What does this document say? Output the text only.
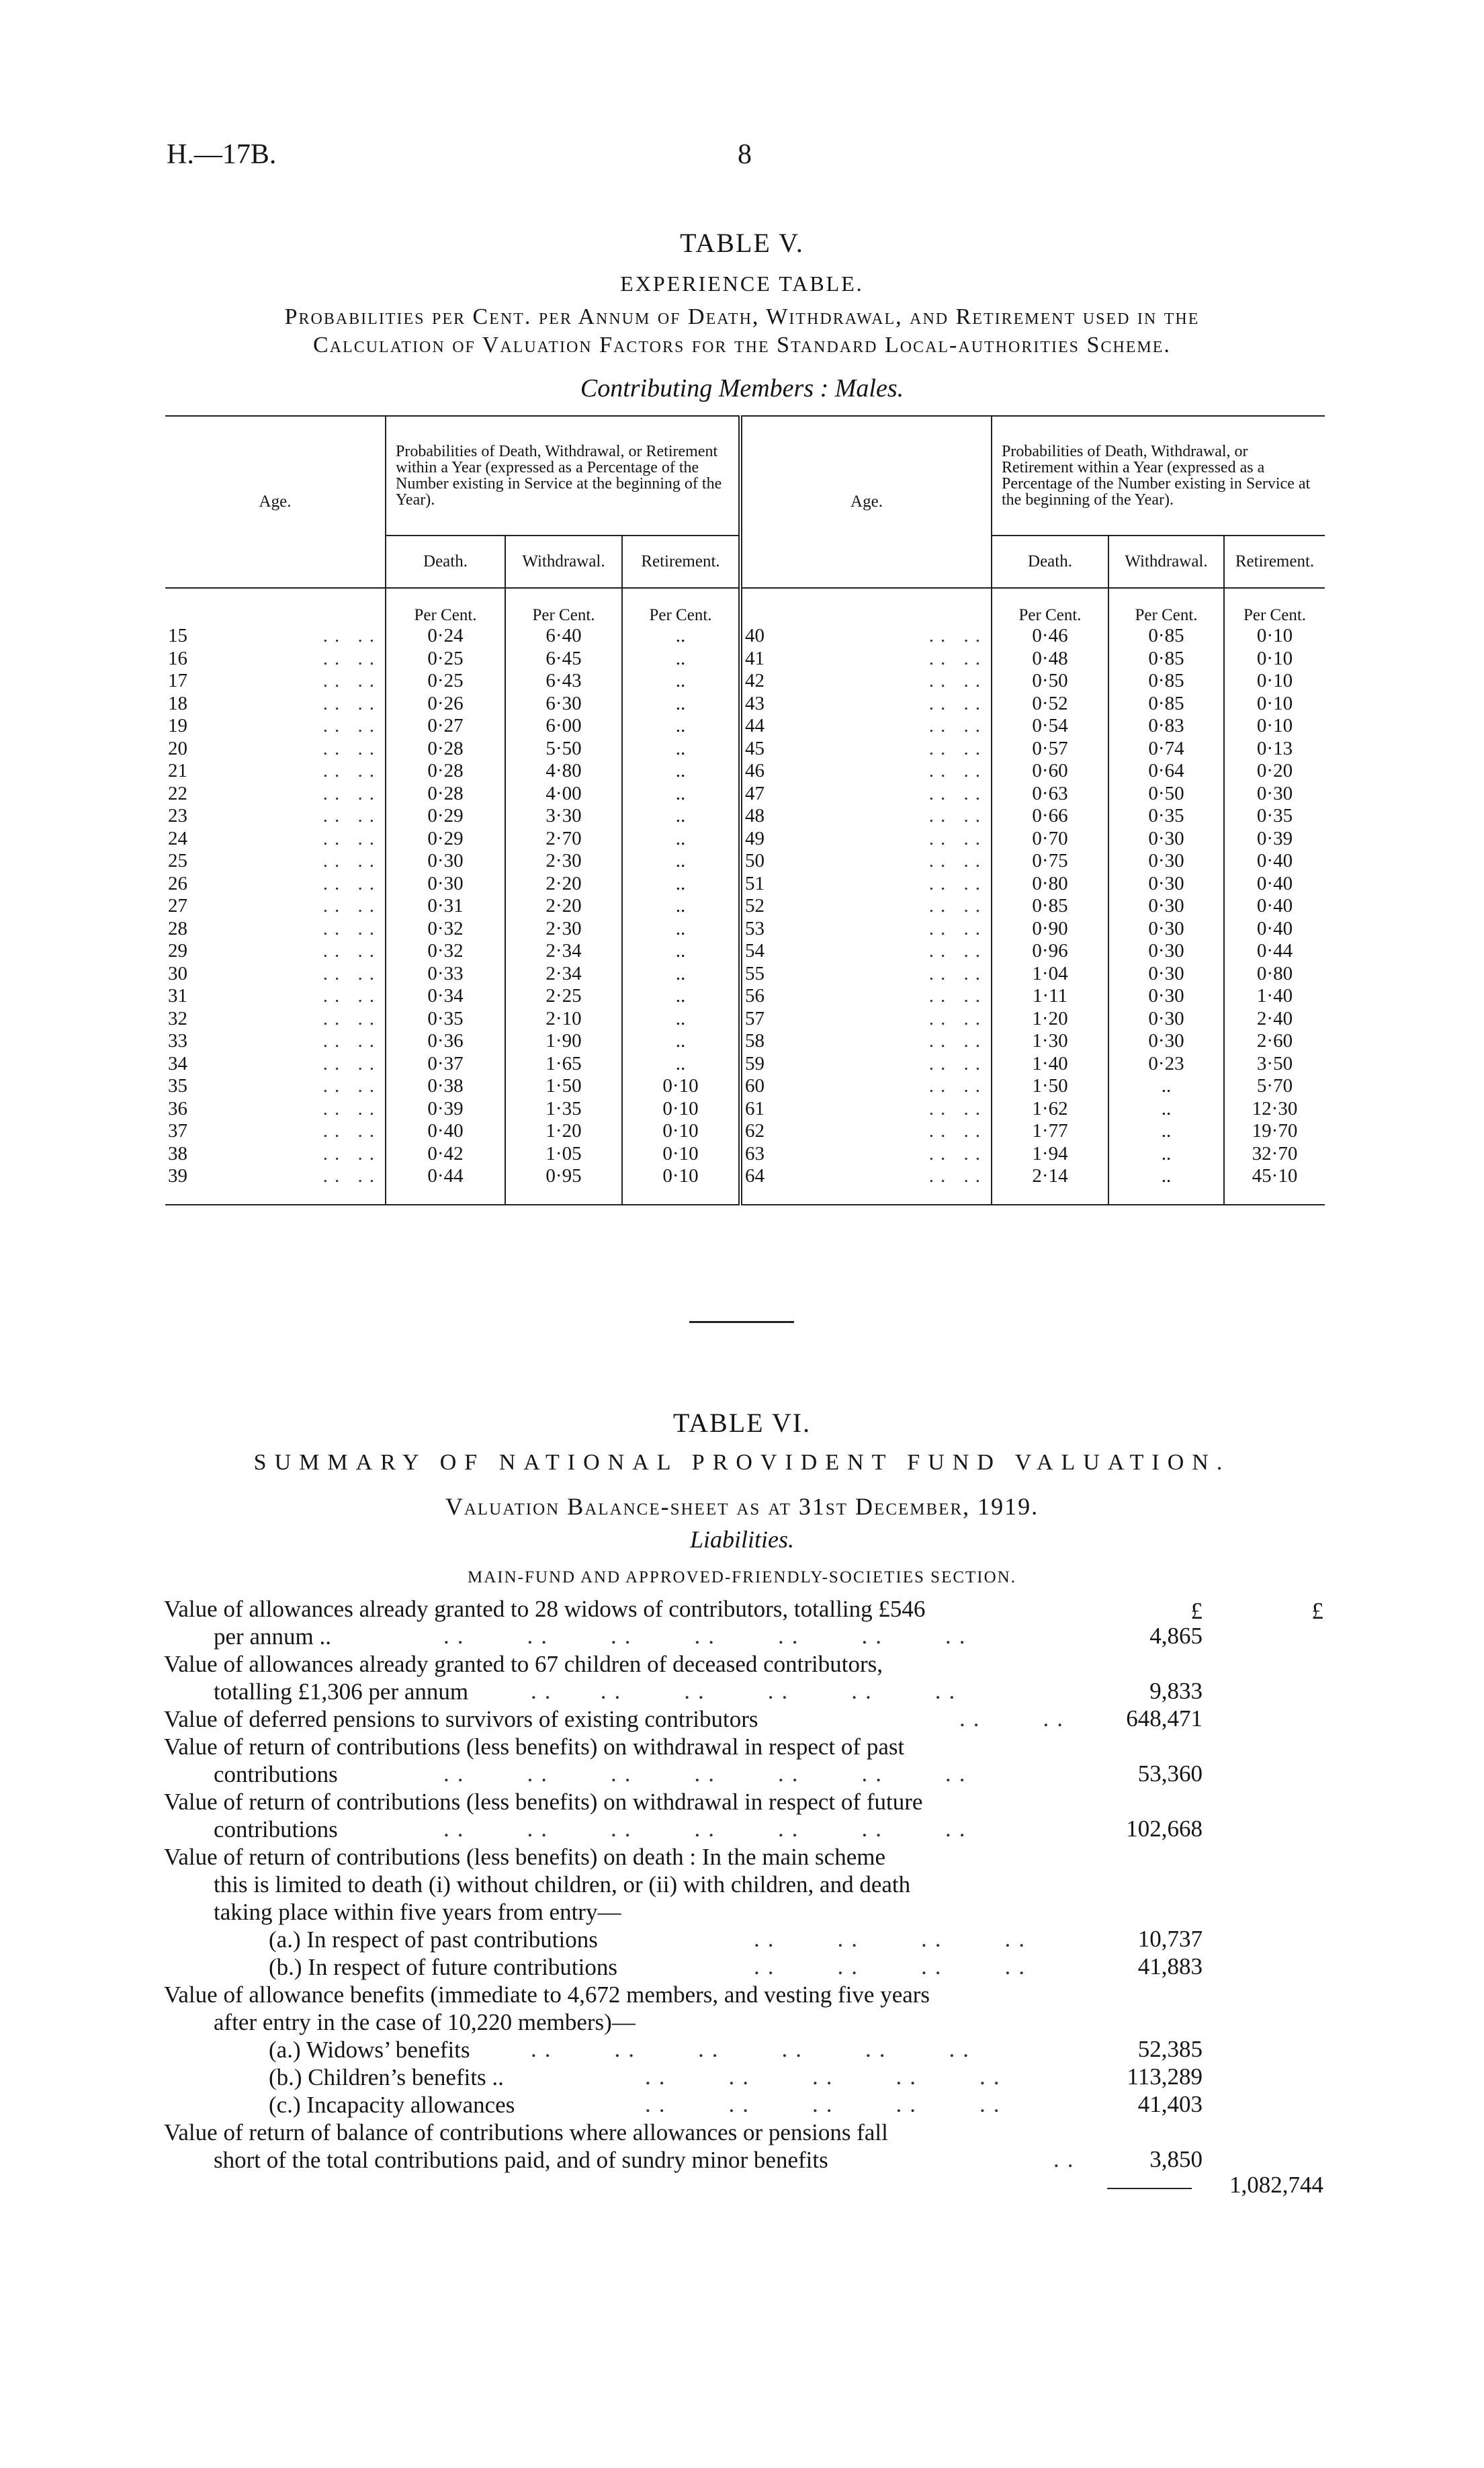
H.—17B.	8
TABLE V.
EXPERIENCE TABLE.
Probabilities per Cent. per Annum of Death, Withdrawal, and Retirement used in the
Calculation of Valuation Factors for the Standard Local-authorities Scheme.
Contributing Members : Males.
Age.		Probabilities of Death, Withdrawal, or Retirement within a Year (expressed as a Percentage of the Number existing in Service at the beginning of the Year).			Age.		Probabilities of Death, Withdrawal, or Retirement within a Year (expressed as a Percentage of the Number existing in Service at the beginning of the Year).		
		Death.	Withdrawal.	Retirement.			Death.	Withdrawal.	Retirement.
		Per Cent.	Per Cent.	Per Cent.			Per Cent.	Per Cent.	Per Cent.
15	.. ..	0·24	6·40	..	40	.. ..	0·46	0·85	0·10
16	.. ..	0·25	6·45	..	41	.. ..	0·48	0·85	0·10
17	.. ..	0·25	6·43	..	42	.. ..	0·50	0·85	0·10
18	.. ..	0·26	6·30	..	43	.. ..	0·52	0·85	0·10
19	.. ..	0·27	6·00	..	44	.. ..	0·54	0·83	0·10
20	.. ..	0·28	5·50	..	45	.. ..	0·57	0·74	0·13
21	.. ..	0·28	4·80	..	46	.. ..	0·60	0·64	0·20
22	.. ..	0·28	4·00	..	47	.. ..	0·63	0·50	0·30
23	.. ..	0·29	3·30	..	48	.. ..	0·66	0·35	0·35
24	.. ..	0·29	2·70	..	49	.. ..	0·70	0·30	0·39
25	.. ..	0·30	2·30	..	50	.. ..	0·75	0·30	0·40
26	.. ..	0·30	2·20	..	51	.. ..	0·80	0·30	0·40
27	.. ..	0·31	2·20	..	52	.. ..	0·85	0·30	0·40
28	.. ..	0·32	2·30	..	53	.. ..	0·90	0·30	0·40
29	.. ..	0·32	2·34	..	54	.. ..	0·96	0·30	0·44
30	.. ..	0·33	2·34	..	55	.. ..	1·04	0·30	0·80
31	.. ..	0·34	2·25	..	56	.. ..	1·11	0·30	1·40
32	.. ..	0·35	2·10	..	57	.. ..	1·20	0·30	2·40
33	.. ..	0·36	1·90	..	58	.. ..	1·30	0·30	2·60
34	.. ..	0·37	1·65	..	59	.. ..	1·40	0·23	3·50
35	.. ..	0·38	1·50	0·10	60	.. ..	1·50	..	5·70
36	.. ..	0·39	1·35	0·10	61	.. ..	1·62	..	12·30
37	.. ..	0·40	1·20	0·10	62	.. ..	1·77	..	19·70
38	.. ..	0·42	1·05	0·10	63	.. ..	1·94	..	32·70
39	.. ..	0·44	0·95	0·10	64	.. ..	2·14	..	45·10

TABLE VI.
SUMMARY OF NATIONAL PROVIDENT FUND VALUATION.
Valuation Balance-sheet as at 31st December, 1919.
Liabilities.
MAIN-FUND AND APPROVED-FRIENDLY-SOCIETIES SECTION.
£	£
Value of allowances already granted to 28 widows of contributors, totalling £546
per annum ..	..    ..    ..    ..    ..    ..    ..	4,865
Value of allowances already granted to 67 children of deceased contributors,
totalling £1,306 per annum	..   ..    ..    ..    ..    ..	9,833
Value of deferred pensions to survivors of existing contributors	..    ..	648,471
Value of return of contributions (less benefits) on withdrawal in respect of past
contributions	..    ..    ..    ..    ..    ..    ..	53,360
Value of return of contributions (less benefits) on withdrawal in respect of future
contributions	..    ..    ..    ..    ..    ..    ..	102,668
Value of return of contributions (less benefits) on death : In the main scheme
this is limited to death (i) without children, or (ii) with children, and death
taking place within five years from entry—
(a.) In respect of past contributions	..    ..    ..    ..	10,737
(b.) In respect of future contributions	..    ..    ..    ..	41,883
Value of allowance benefits (immediate to 4,672 members, and vesting five years
after entry in the case of 10,220 members)—
(a.) Widows’ benefits	..    ..    ..    ..    ..    ..	52,385
(b.) Children’s benefits ..	..    ..    ..    ..    ..	113,289
(c.) Incapacity allowances	..    ..    ..    ..    ..	41,403
Value of return of balance of contributions where allowances or pensions fall
short of the total contributions paid, and of sundry minor benefits	..	3,850
1,082,744
